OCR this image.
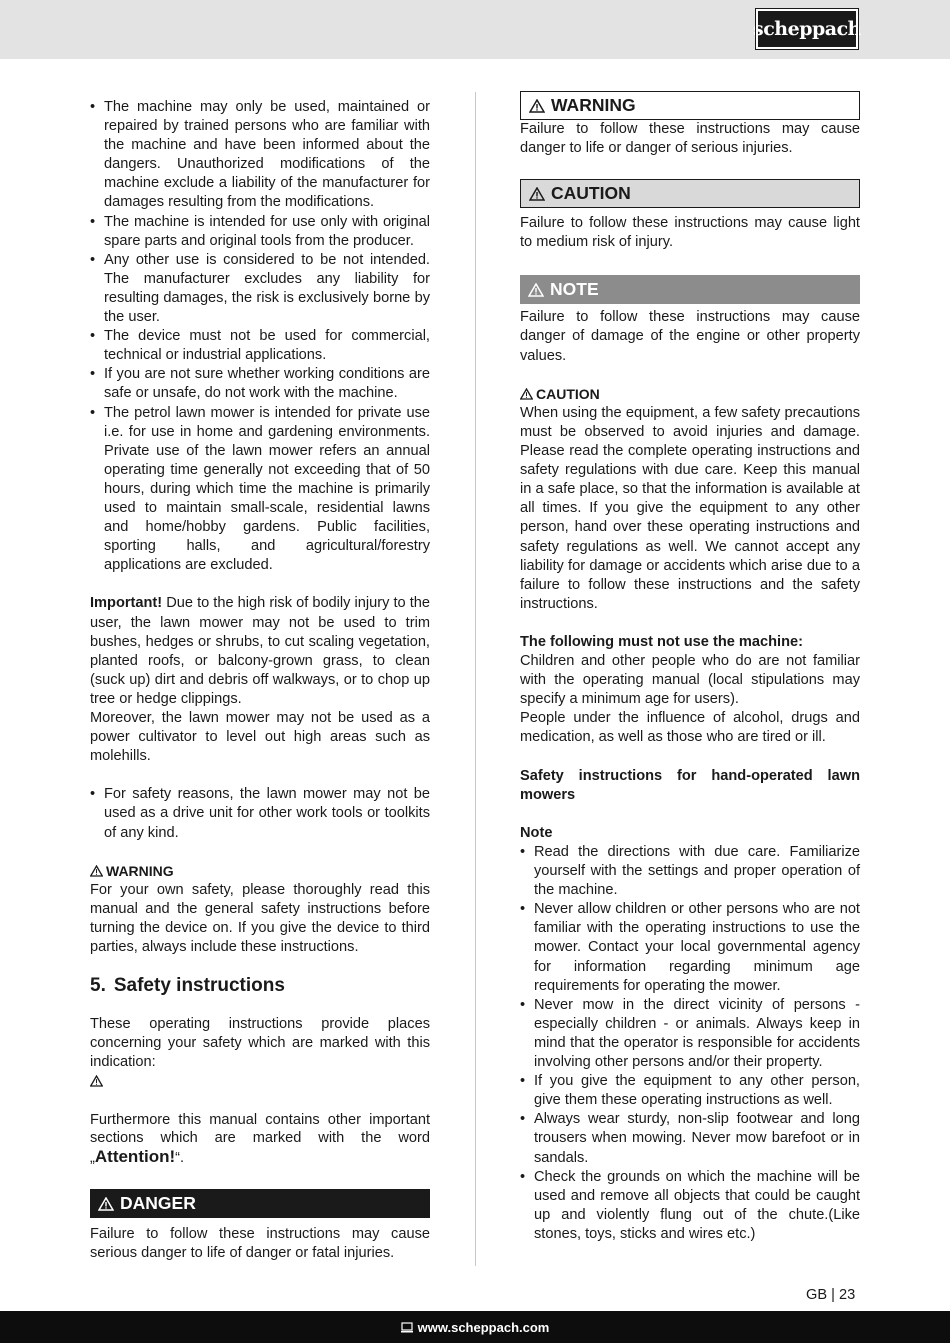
scheppach
• The machine may only be used, maintained or repaired by trained persons who are familiar with the machine and have been informed about the dangers. Unauthorized modifications of the machine exclude a liability of the manufacturer for damages resulting from the modifications.
• The machine is intended for use only with original spare parts and original tools from the producer.
• Any other use is considered to be not intended. The manufacturer excludes any liability for resulting damages, the risk is exclusively borne by the user.
• The device must not be used for commercial, technical or industrial applications.
• If you are not sure whether working conditions are safe or unsafe, do not work with the machine.
• The petrol lawn mower is intended for private use i.e. for use in home and gardening environments. Private use of the lawn mower refers an annual operating time generally not exceeding that of 50 hours, during which time the machine is primarily used to maintain small-scale, residential lawns and home/hobby gardens. Public facilities, sporting halls, and agricultural/forestry applications are excluded.

Important! Due to the high risk of bodily injury to the user, the lawn mower may not be used to trim bushes, hedges or shrubs, to cut scaling vegetation, planted roofs, or balcony-grown grass, to clean (suck up) dirt and debris off walkways, or to chop up tree or hedge clippings.

Moreover, the lawn mower may not be used as a power cultivator to level out high areas such as molehills.

• For safety reasons, the lawn mower may not be used as a drive unit for other work tools or toolkits of any kind.

WARNING

For your own safety, please thoroughly read this manual and the general safety instructions before turning the device on. If you give the device to third parties, always include these instructions.

5. Safety instructions

These operating instructions provide places concerning your safety which are marked with this indication:

Furthermore this manual contains other important sections which are marked with the word „Attention!“.

DANGER

Failure to follow these instructions may cause serious danger to life of danger or fatal injuries.

WARNING

Failure to follow these instructions may cause danger to life or danger of serious injuries.

CAUTION

Failure to follow these instructions may cause light to medium risk of injury.

NOTE

Failure to follow these instructions may cause danger of damage of the engine or other property values.

CAUTION

When using the equipment, a few safety precautions must be observed to avoid injuries and damage. Please read the complete operating instructions and safety regulations with due care. Keep this manual in a safe place, so that the information is available at all times. If you give the equipment to any other person, hand over these operating instructions and safety regulations as well. We cannot accept any liability for damage or accidents which arise due to a failure to follow these instructions and the safety instructions.

The following must not use the machine:

Children and other people who do are not familiar with the operating manual (local stipulations may specify a minimum age for users).

People under the influence of alcohol, drugs and medication, as well as those who are tired or ill.

Safety instructions for hand-operated lawn mowers

Note

• Read the directions with due care. Familiarize yourself with the settings and proper operation of the machine.
• Never allow children or other persons who are not familiar with the operating instructions to use the mower. Contact your local governmental agency for information regarding minimum age requirements for operating the mower.
• Never mow in the direct vicinity of persons - especially children - or animals. Always keep in mind that the operator is responsible for accidents involving other persons and/or their property.
• If you give the equipment to any other person, give them these operating instructions as well.
• Always wear sturdy, non-slip footwear and long trousers when mowing. Never mow barefoot or in sandals.
• Check the grounds on which the machine will be used and remove all objects that could be caught up and violently flung out of the chute.(Like stones, toys, sticks and wires etc.)
GB | 23
www.scheppach.com
